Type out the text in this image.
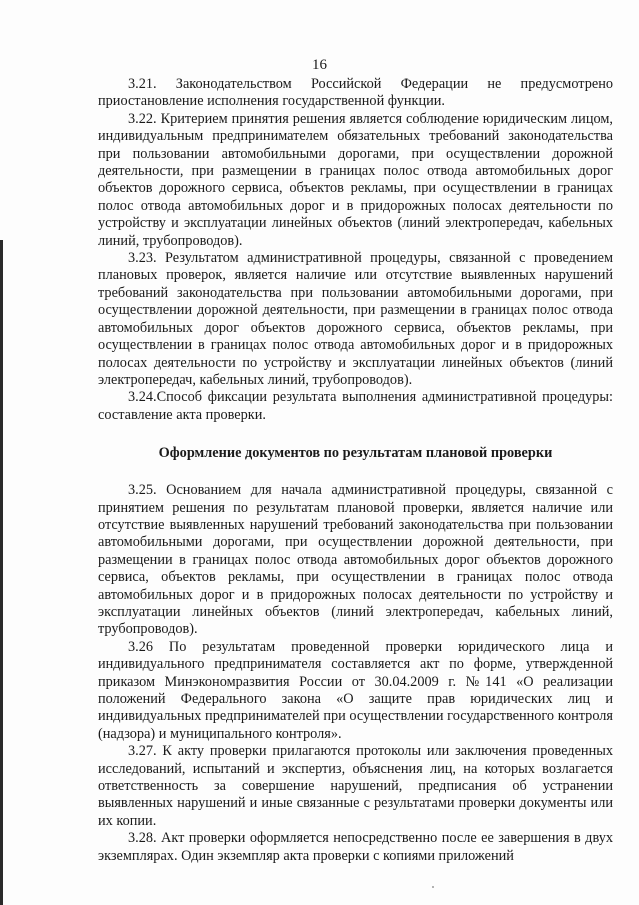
16

3.21. Законодательством Российской Федерации не предусмотрено приостановление исполнения государственной функции.

3.22. Критерием принятия решения является соблюдение юридическим лицом, индивидуальным предпринимателем обязательных требований законодательства при пользовании автомобильными дорогами, при осуществлении дорожной деятельности, при размещении в границах полос отвода автомобильных дорог объектов дорожного сервиса, объектов рекламы, при осуществлении в границах полос отвода автомобильных дорог и в придорожных полосах деятельности по устройству и эксплуатации линейных объектов (линий электропередач, кабельных линий, трубопроводов).

3.23. Результатом административной процедуры, связанной с проведением плановых проверок, является наличие или отсутствие выявленных нарушений требований законодательства при пользовании автомобильными дорогами, при осуществлении дорожной деятельности, при размещении в границах полос отвода автомобильных дорог объектов дорожного сервиса, объектов рекламы, при осуществлении в границах полос отвода автомобильных дорог и в придорожных полосах деятельности по устройству и эксплуатации линейных объектов (линий электропередач, кабельных линий, трубопроводов).

3.24.Способ фиксации результата выполнения административной процедуры: составление акта проверки.

Оформление документов по результатам плановой проверки

3.25. Основанием для начала административной процедуры, связанной с принятием решения по результатам плановой проверки, является наличие или отсутствие выявленных нарушений требований законодательства при пользовании автомобильными дорогами, при осуществлении дорожной деятельности, при размещении в границах полос отвода автомобильных дорог объектов дорожного сервиса, объектов рекламы, при осуществлении в границах полос отвода автомобильных дорог и в придорожных полосах деятельности по устройству и эксплуатации линейных объектов (линий электропередач, кабельных линий, трубопроводов).

3.26 По результатам проведенной проверки юридического лица и индивидуального предпринимателя составляется акт по форме, утвержденной приказом Минэкономразвития России от 30.04.2009 г. №141 «О реализации положений Федерального закона «О защите прав юридических лиц и индивидуальных предпринимателей при осуществлении государственного контроля (надзора) и муниципального контроля».

3.27. К акту проверки прилагаются протоколы или заключения проведенных исследований, испытаний и экспертиз, объяснения лиц, на которых возлагается ответственность за совершение нарушений, предписания об устранении выявленных нарушений и иные связанные с результатами проверки документы или их копии.

3.28. Акт проверки оформляется непосредственно после ее завершения в двух экземплярах. Один экземпляр акта проверки с копиями приложений
